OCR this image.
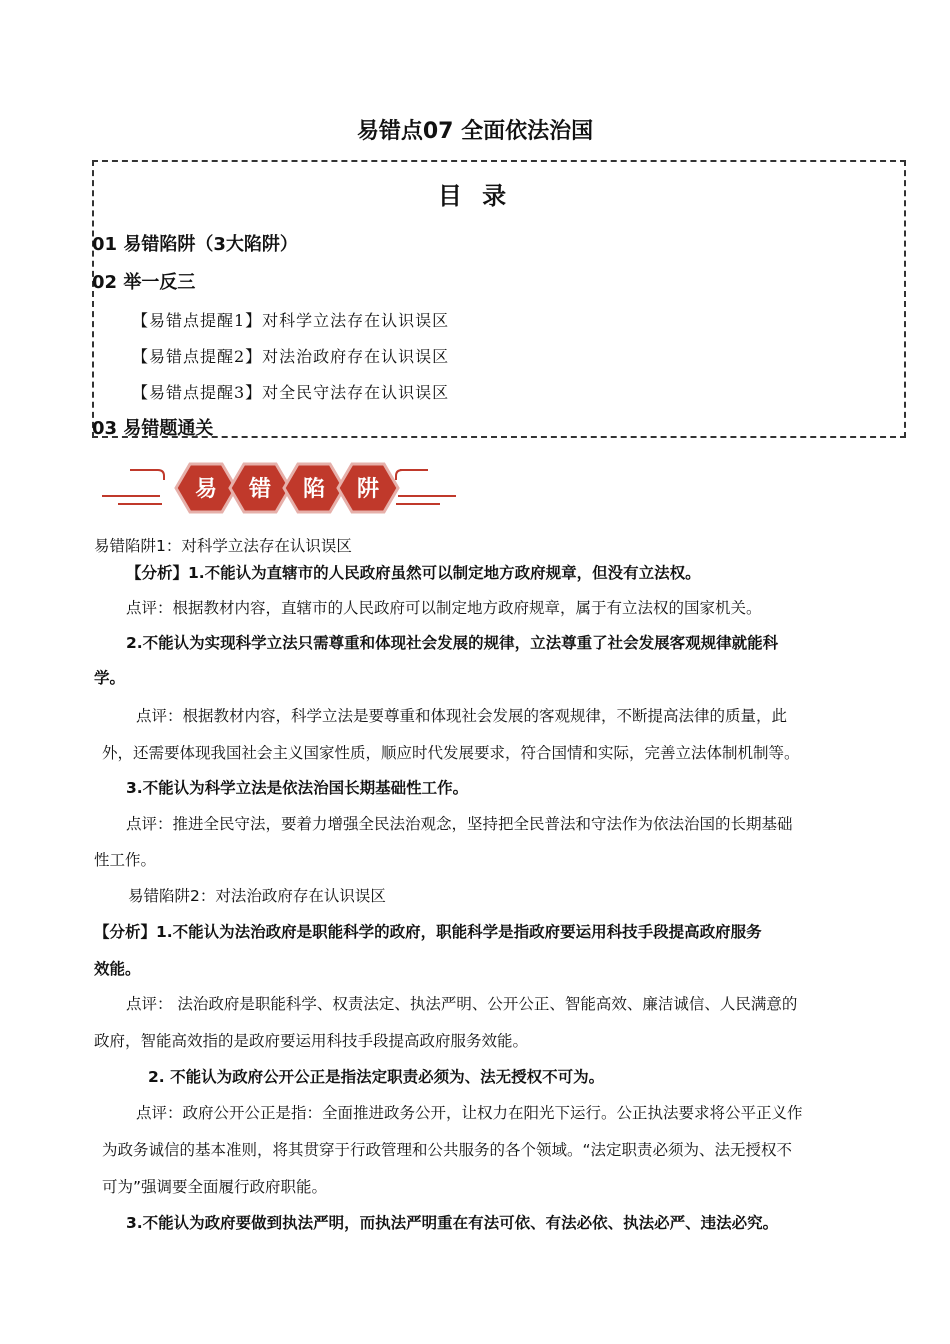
易错点07 全面依法治国
目 录
01 易错陷阱（3大陷阱）
02 举一反三
【易错点提醒1】对科学立法存在认识误区
【易错点提醒2】对法治政府存在认识误区
【易错点提醒3】对全民守法存在认识误区
03 易错题通关
易 错 陷 阱
易错陷阱1：对科学立法存在认识误区
【分析】1.不能认为直辖市的人民政府虽然可以制定地方政府规章，但没有立法权。
点评：根据教材内容，直辖市的人民政府可以制定地方政府规章，属于有立法权的国家机关。
2.不能认为实现科学立法只需尊重和体现社会发展的规律，立法尊重了社会发展客观规律就能科
学。
点评：根据教材内容，科学立法是要尊重和体现社会发展的客观规律，不断提高法律的质量，此
外，还需要体现我国社会主义国家性质，顺应时代发展要求，符合国情和实际，完善立法体制机制等。
3.不能认为科学立法是依法治国长期基础性工作。
点评：推进全民守法，要着力增强全民法治观念，坚持把全民普法和守法作为依法治国的长期基础
性工作。
易错陷阱2：对法治政府存在认识误区
【分析】1.不能认为法治政府是职能科学的政府，职能科学是指政府要运用科技手段提高政府服务
效能。
点评： 法治政府是职能科学、权责法定、执法严明、公开公正、智能高效、廉洁诚信、人民满意的
政府，智能高效指的是政府要运用科技手段提高政府服务效能。
2. 不能认为政府公开公正是指法定职责必须为、法无授权不可为。
点评：政府公开公正是指：全面推进政务公开，让权力在阳光下运行。公正执法要求将公平正义作
为政务诚信的基本准则，将其贯穿于行政管理和公共服务的各个领域。“法定职责必须为、法无授权不
可为”强调要全面履行政府职能。
3.不能认为政府要做到执法严明，而执法严明重在有法可依、有法必依、执法必严、违法必究。
